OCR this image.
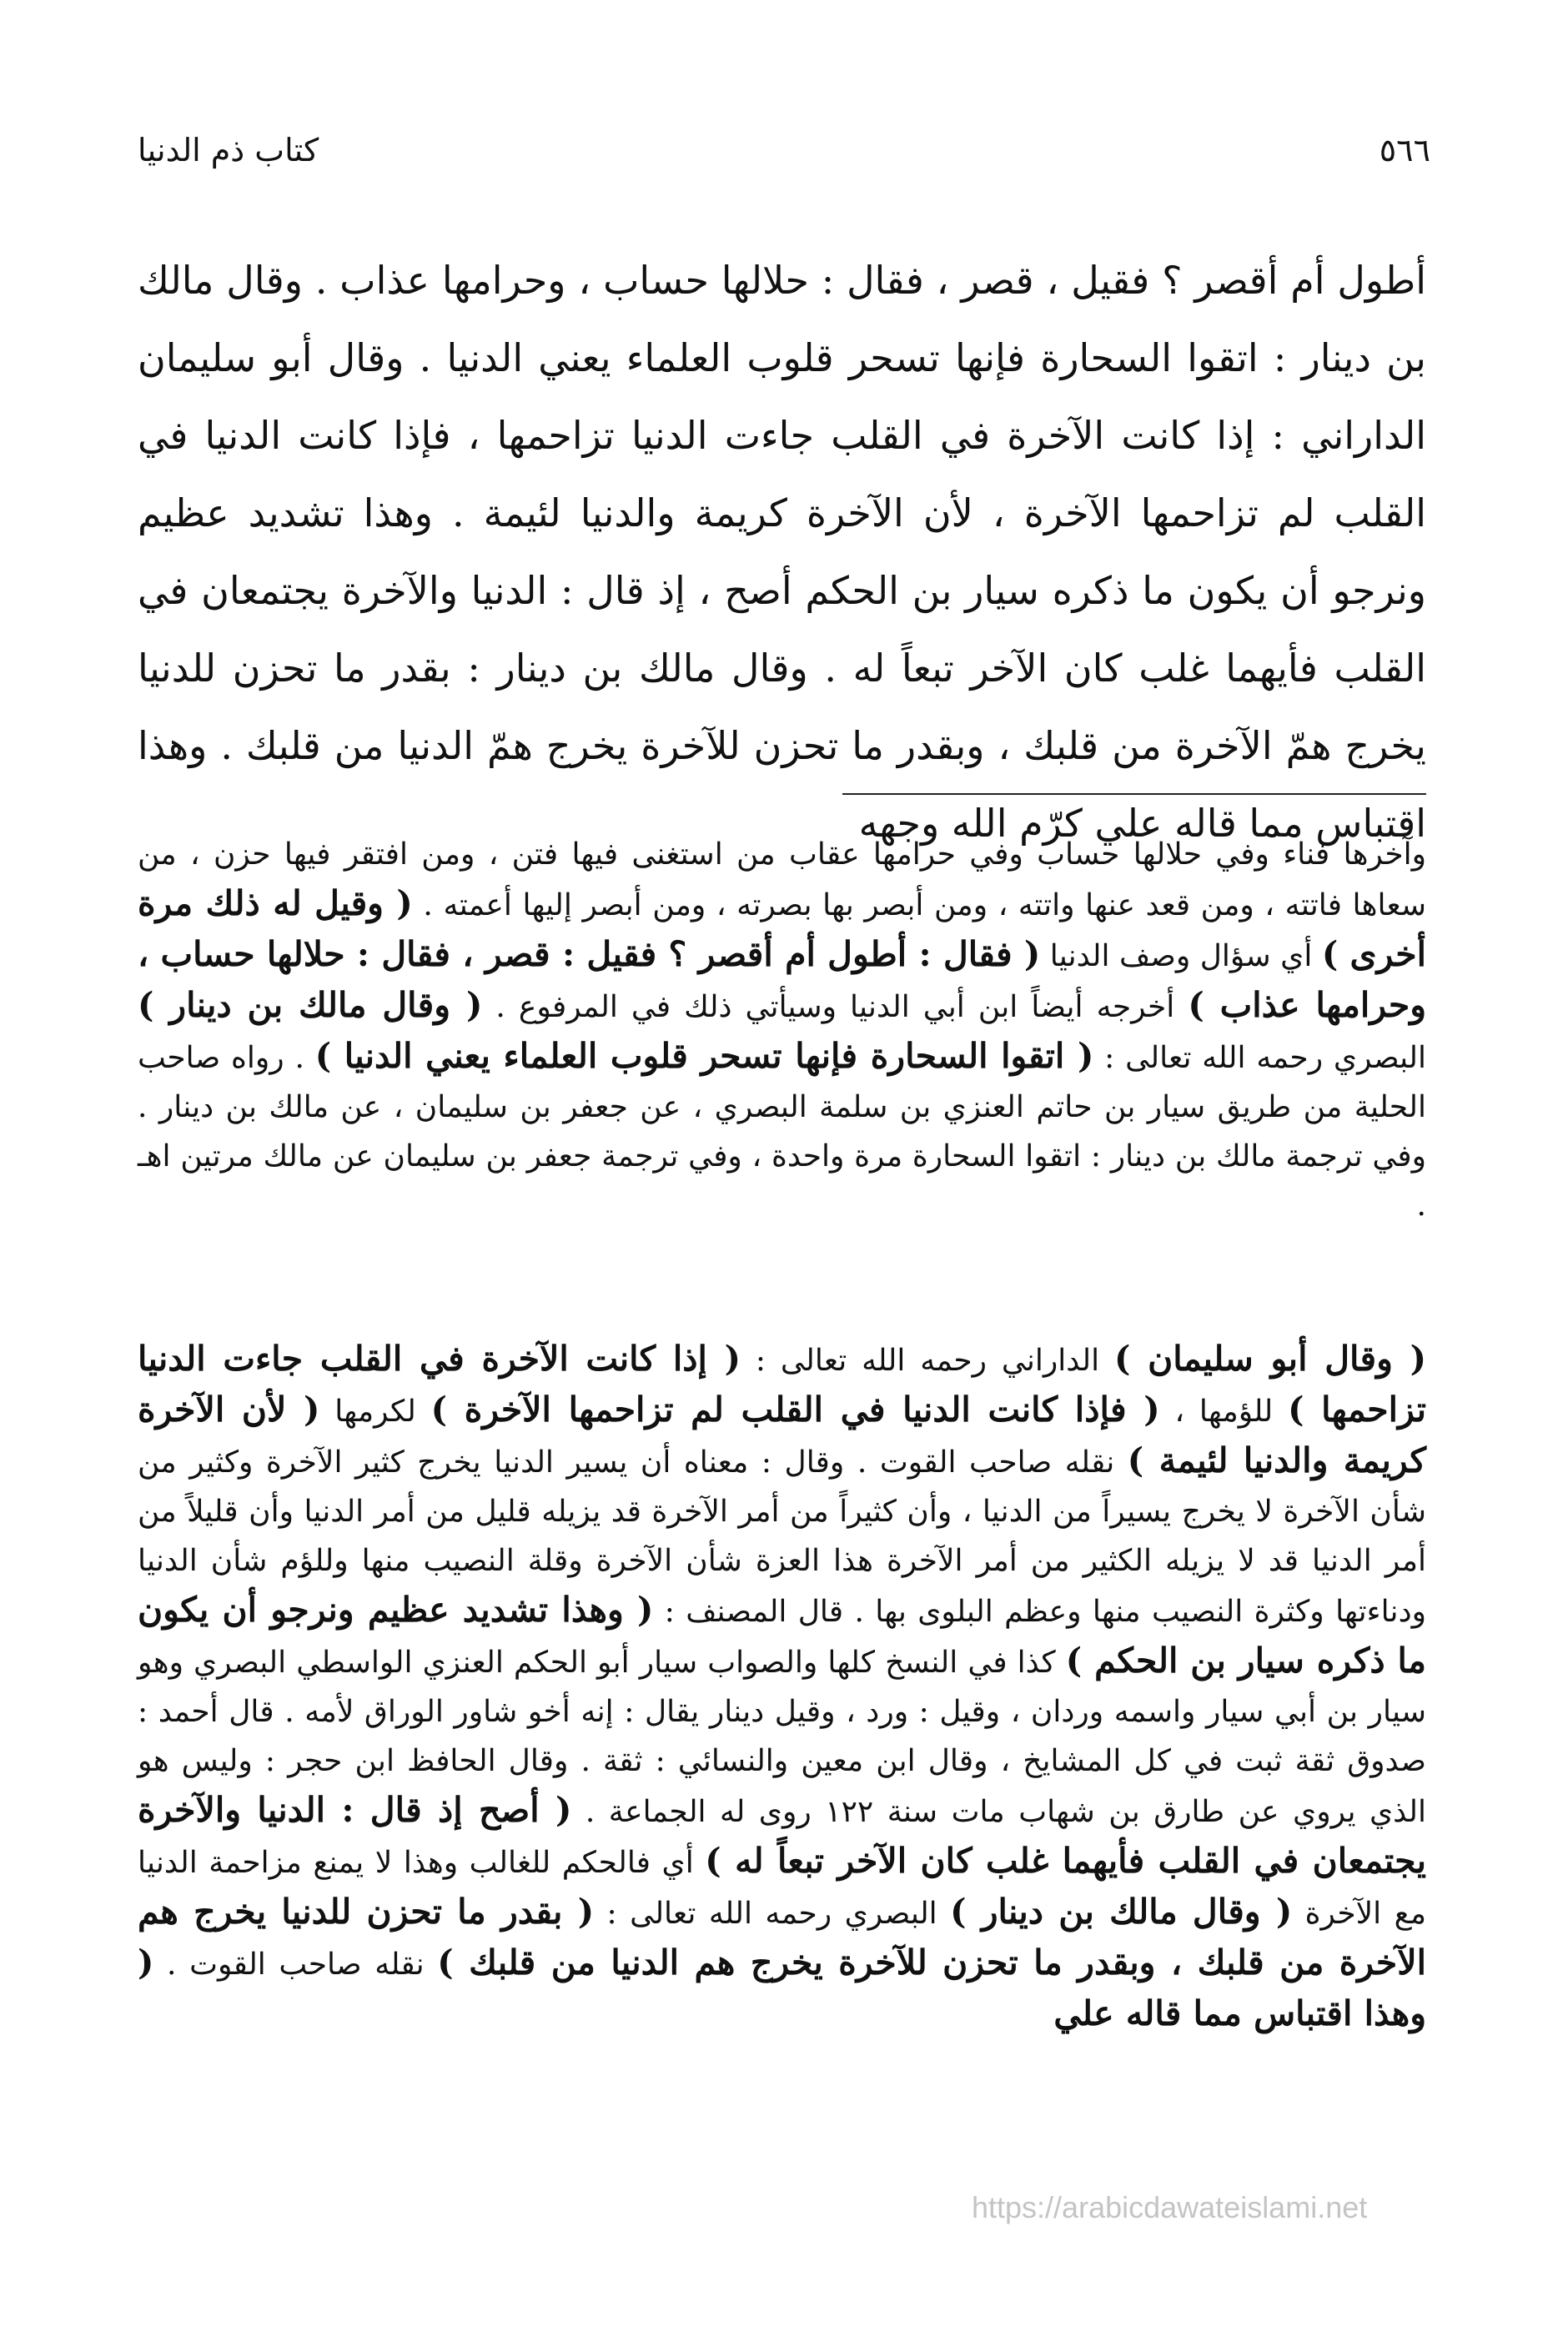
٥٦٦
كتاب ذم الدنيا

أطول أم أقصر ؟ فقيل ، قصر ، فقال : حلالها حساب ، وحرامها عذاب . وقال مالك بن دينار : اتقوا السحارة فإنها تسحر قلوب العلماء يعني الدنيا . وقال أبو سليمان الداراني : إذا كانت الآخرة في القلب جاءت الدنيا تزاحمها ، فإذا كانت الدنيا في القلب لم تزاحمها الآخرة ، لأن الآخرة كريمة والدنيا لئيمة . وهذا تشديد عظيم ونرجو أن يكون ما ذكره سيار بن الحكم أصح ، إذ قال : الدنيا والآخرة يجتمعان في القلب فأيهما غلب كان الآخر تبعاً له . وقال مالك بن دينار : بقدر ما تحزن للدنيا يخرج همّ الآخرة من قلبك ، وبقدر ما تحزن للآخرة يخرج همّ الدنيا من قلبك . وهذا اقتباس مما قاله علي كرّم الله وجهه

وآخرها فناء وفي حلالها حساب وفي حرامها عقاب من استغنى فيها فتن ، ومن افتقر فيها حزن ، من سعاها فاتته ، ومن قعد عنها واتته ، ومن أبصر بها بصرته ، ومن أبصر إليها أعمته . ( وقيل له ذلك مرة أخرى ) أي سؤال وصف الدنيا ( فقال : أطول أم أقصر ؟ فقيل : قصر ، فقال : حلالها حساب ، وحرامها عذاب ) أخرجه أيضاً ابن أبي الدنيا وسيأتي ذلك في المرفوع . ( وقال مالك بن دينار ) البصري رحمه الله تعالى : ( اتقوا السحارة فإنها تسحر قلوب العلماء يعني الدنيا ) . رواه صاحب الحلية من طريق سيار بن حاتم العنزي بن سلمة البصري ، عن جعفر بن سليمان ، عن مالك بن دينار . وفي ترجمة مالك بن دينار : اتقوا السحارة مرة واحدة ، وفي ترجمة جعفر بن سليمان عن مالك مرتين اهـ .

( وقال أبو سليمان ) الداراني رحمه الله تعالى : ( إذا كانت الآخرة في القلب جاءت الدنيا تزاحمها ) للؤمها ، ( فإذا كانت الدنيا في القلب لم تزاحمها الآخرة ) لكرمها ( لأن الآخرة كريمة والدنيا لئيمة ) نقله صاحب القوت . وقال : معناه أن يسير الدنيا يخرج كثير الآخرة وكثير من شأن الآخرة لا يخرج يسيراً من الدنيا ، وأن كثيراً من أمر الآخرة قد يزيله قليل من أمر الدنيا وأن قليلاً من أمر الدنيا قد لا يزيله الكثير من أمر الآخرة هذا العزة شأن الآخرة وقلة النصيب منها وللؤم شأن الدنيا ودناءتها وكثرة النصيب منها وعظم البلوى بها . قال المصنف : ( وهذا تشديد عظيم ونرجو أن يكون ما ذكره سيار بن الحكم ) كذا في النسخ كلها والصواب سيار أبو الحكم العنزي الواسطي البصري وهو سيار بن أبي سيار واسمه وردان ، وقيل : ورد ، وقيل دينار يقال : إنه أخو شاور الوراق لأمه . قال أحمد : صدوق ثقة ثبت في كل المشايخ ، وقال ابن معين والنسائي : ثقة . وقال الحافظ ابن حجر : وليس هو الذي يروي عن طارق بن شهاب مات سنة ١٢٢ روى له الجماعة . ( أصح إذ قال : الدنيا والآخرة يجتمعان في القلب فأيهما غلب كان الآخر تبعاً له ) أي فالحكم للغالب وهذا لا يمنع مزاحمة الدنيا مع الآخرة ( وقال مالك بن دينار ) البصري رحمه الله تعالى : ( بقدر ما تحزن للدنيا يخرج هم الآخرة من قلبك ، وبقدر ما تحزن للآخرة يخرج هم الدنيا من قلبك ) نقله صاحب القوت . ( وهذا اقتباس مما قاله علي

https://arabicdawateislami.net
